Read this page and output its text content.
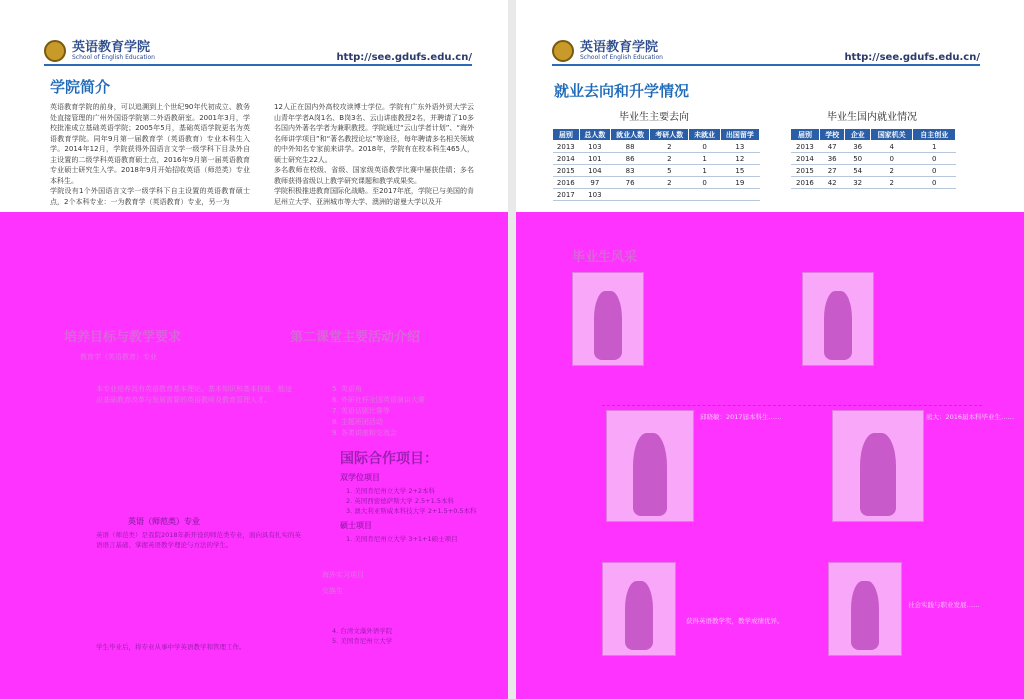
英语教育学院
School of English Education	http://see.gdufs.edu.cn/
学院简介
英语教育学院的前身，可以追溯到上个世纪90年代初成立、教务处直接管理的广州外国语学院第二外语教研室。2001年3月，学校批准成立基础英语学院；2005年5月，基础英语学院更名为英语教育学院。同年9月第一届教育学（英语教育）专业本科生入学。2014年12月，学院获得外国语言文学一级学科下目录外自主设置的二级学科英语教育硕士点，2016年9月第一届英语教育专业硕士研究生入学。2018年9月开始招收英语（师范类）专业本科生。
学院设有1个外国语言文学一级学科下自主设置的英语教育硕士点，2个本科专业：一为教育学（英语教育）专业，另一为
12人正在国内外高校攻读博士学位。学院有广东外语外贸大学云山青年学者A岗1名、B岗3名、云山讲座教授2名，并聘请了10多名国内外著名学者为兼职教授。学院通过“云山学者计划”、“海外名师讲学项目”和“著名教授论坛”等途径，每年聘请多名相关领域的中外知名专家前来讲学。2018年，学院有在校本科生465人，硕士研究生22人。
多名教师在校级、省级、国家级英语教学比赛中屡获佳绩；多名教师获得省级以上教学研究课题和教学成果奖。
学院积极推进教育国际化战略。至2017年底，学院已与美国的肯尼州立大学、亚洲城市等大学、澳洲的诺曼大学以及开
培养目标与教学要求	第二课堂主要活动介绍
教育学（英语教育）专业
本专业培养具有英语教育基本理论、基本知识和基本技能，能适应基础教育改革与发展需要的英语教师及教育管理人才。
英语（师范类）专业
英语（师范类）是我院2018年新开设的师范类专业，面向具有扎实的英语语言基础、掌握英语教学理论与方法的学生。
学生毕业后，将专业从事中学英语教学和管理工作。
5. 英语角
6. 外研社杯全国英语演讲大赛
7. 英语话剧比赛等
8. 主题班团活动
9. 各类讲座和交流会
国际合作项目：
双学位项目
1. 美国肯尼州立大学 2+2本科
2. 英国西密德萨斯大学 2.5+1.5本科
3. 澳大利亚斯威本科技大学 2+1.5+0.5本科
硕士项目
1. 美国肯尼州立大学 3+1+1硕士项目
海外实习项目
交换生
4. 台湾文藻外语学院
5. 美国肯尼州立大学
英语教育学院
School of English Education	http://see.gdufs.edu.cn/
就业去向和升学情况
毕业生主要去向
届别	总人数	就业人数	考研人数	未就业	出国留学
2013	103	88	2	0	13
2014	101	86	2	1	12
2015	104	83	5	1	15
2016	97	76	2	0	19
2017	103				
毕业生国内就业情况
届别	学校	企业	国家机关	自主创业
2013	47	36	4	1
2014	36	50	0	0
2015	27	54	2	0
2016	42	32	2	0
毕业生风采
邱晓敏：2017届本科生……	熊大：2016届本科毕业生……
获得英语教学奖，教学成绩优异。
社会实践与职业发展……
